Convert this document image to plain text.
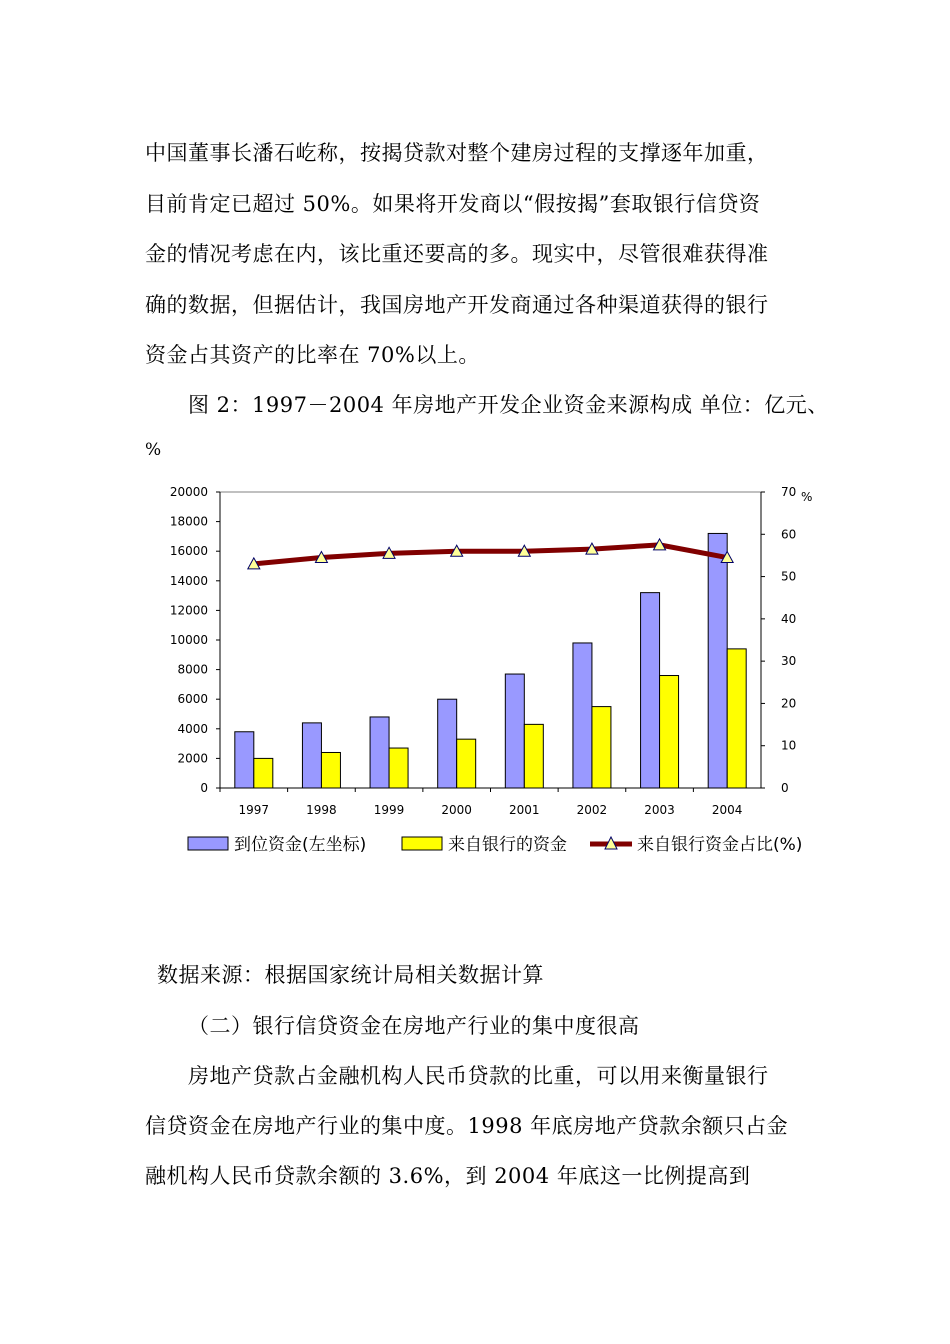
中国董事长潘石屹称，按揭贷款对整个建房过程的支撑逐年加重，
目前肯定已超过 50%。如果将开发商以“假按揭”套取银行信贷资
金的情况考虑在内，该比重还要高的多。现实中，尽管很难获得准
确的数据，但据估计，我国房地产开发商通过各种渠道获得的银行
资金占其资产的比率在 70%以上。
图 2：1997－2004 年房地产开发企业资金来源构成 单位：亿元、
%
0
2000
4000
6000
8000
10000
12000
14000
16000
18000
20000
0
10
20
30
40
50
60
70 %
1997	1998	1999	2000	2001	2002	2003	2004
到位资金(左坐标)	来自银行的资金	来自银行资金占比(%)
数据来源：根据国家统计局相关数据计算
（二）银行信贷资金在房地产行业的集中度很高
房地产贷款占金融机构人民币贷款的比重，可以用来衡量银行
信贷资金在房地产行业的集中度。1998 年底房地产贷款余额只占金
融机构人民币贷款余额的 3.6%，到 2004 年底这一比例提高到
